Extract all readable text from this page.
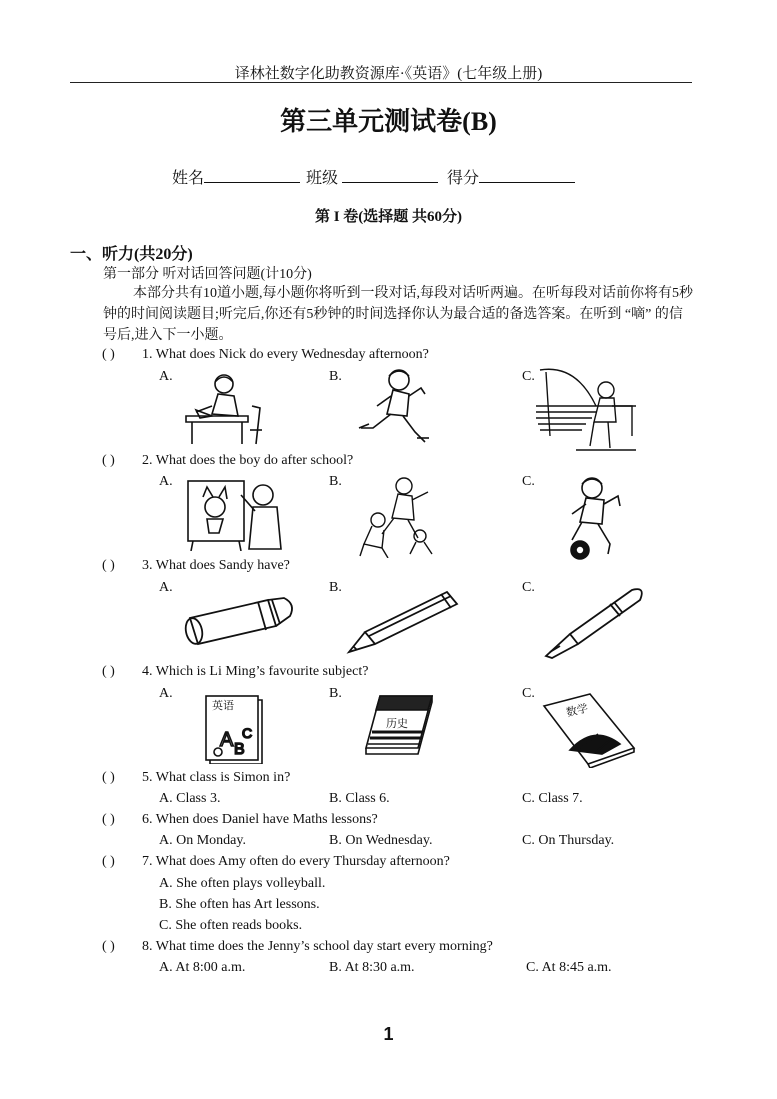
译林社数字化助教资源库·《英语》(七年级上册)
第三单元测试卷(B)
姓名	班级	得分
第 I 卷(选择题 共60分)
一、听力(共20分)
第一部分 听对话回答问题(计10分)
本部分共有10道小题,每小题你将听到一段对话,每段对话听两遍。在听每段对话前你将有5秒钟的时间阅读题目;听完后,你还有5秒钟的时间选择你认为最合适的备选答案。在听到 “嘀” 的信号后,进入下一小题。
( ) 1. What does Nick do every Wednesday afternoon?
A.	B.	C.
( ) 2. What does the boy do after school?
A.	B.	C.
( ) 3. What does Sandy have?
A.	B.	C.
( ) 4. Which is Li Ming’s favourite subject?
A.	B.	C.
A B
C
英语
历史
数学
( ) 5. What class is Simon in?
A. Class 3.	B. Class 6.	C. Class 7.
( ) 6. When does Daniel have Maths lessons?
A. On Monday.	B. On Wednesday.	C. On Thursday.
( ) 7. What does Amy often do every Thursday afternoon?
A. She often plays volleyball.
B. She often has Art lessons.
C. She often reads books.
( ) 8. What time does the Jenny’s school day start every morning?
A. At 8:00 a.m.	B. At 8:30 a.m.	C. At 8:45 a.m.
1
